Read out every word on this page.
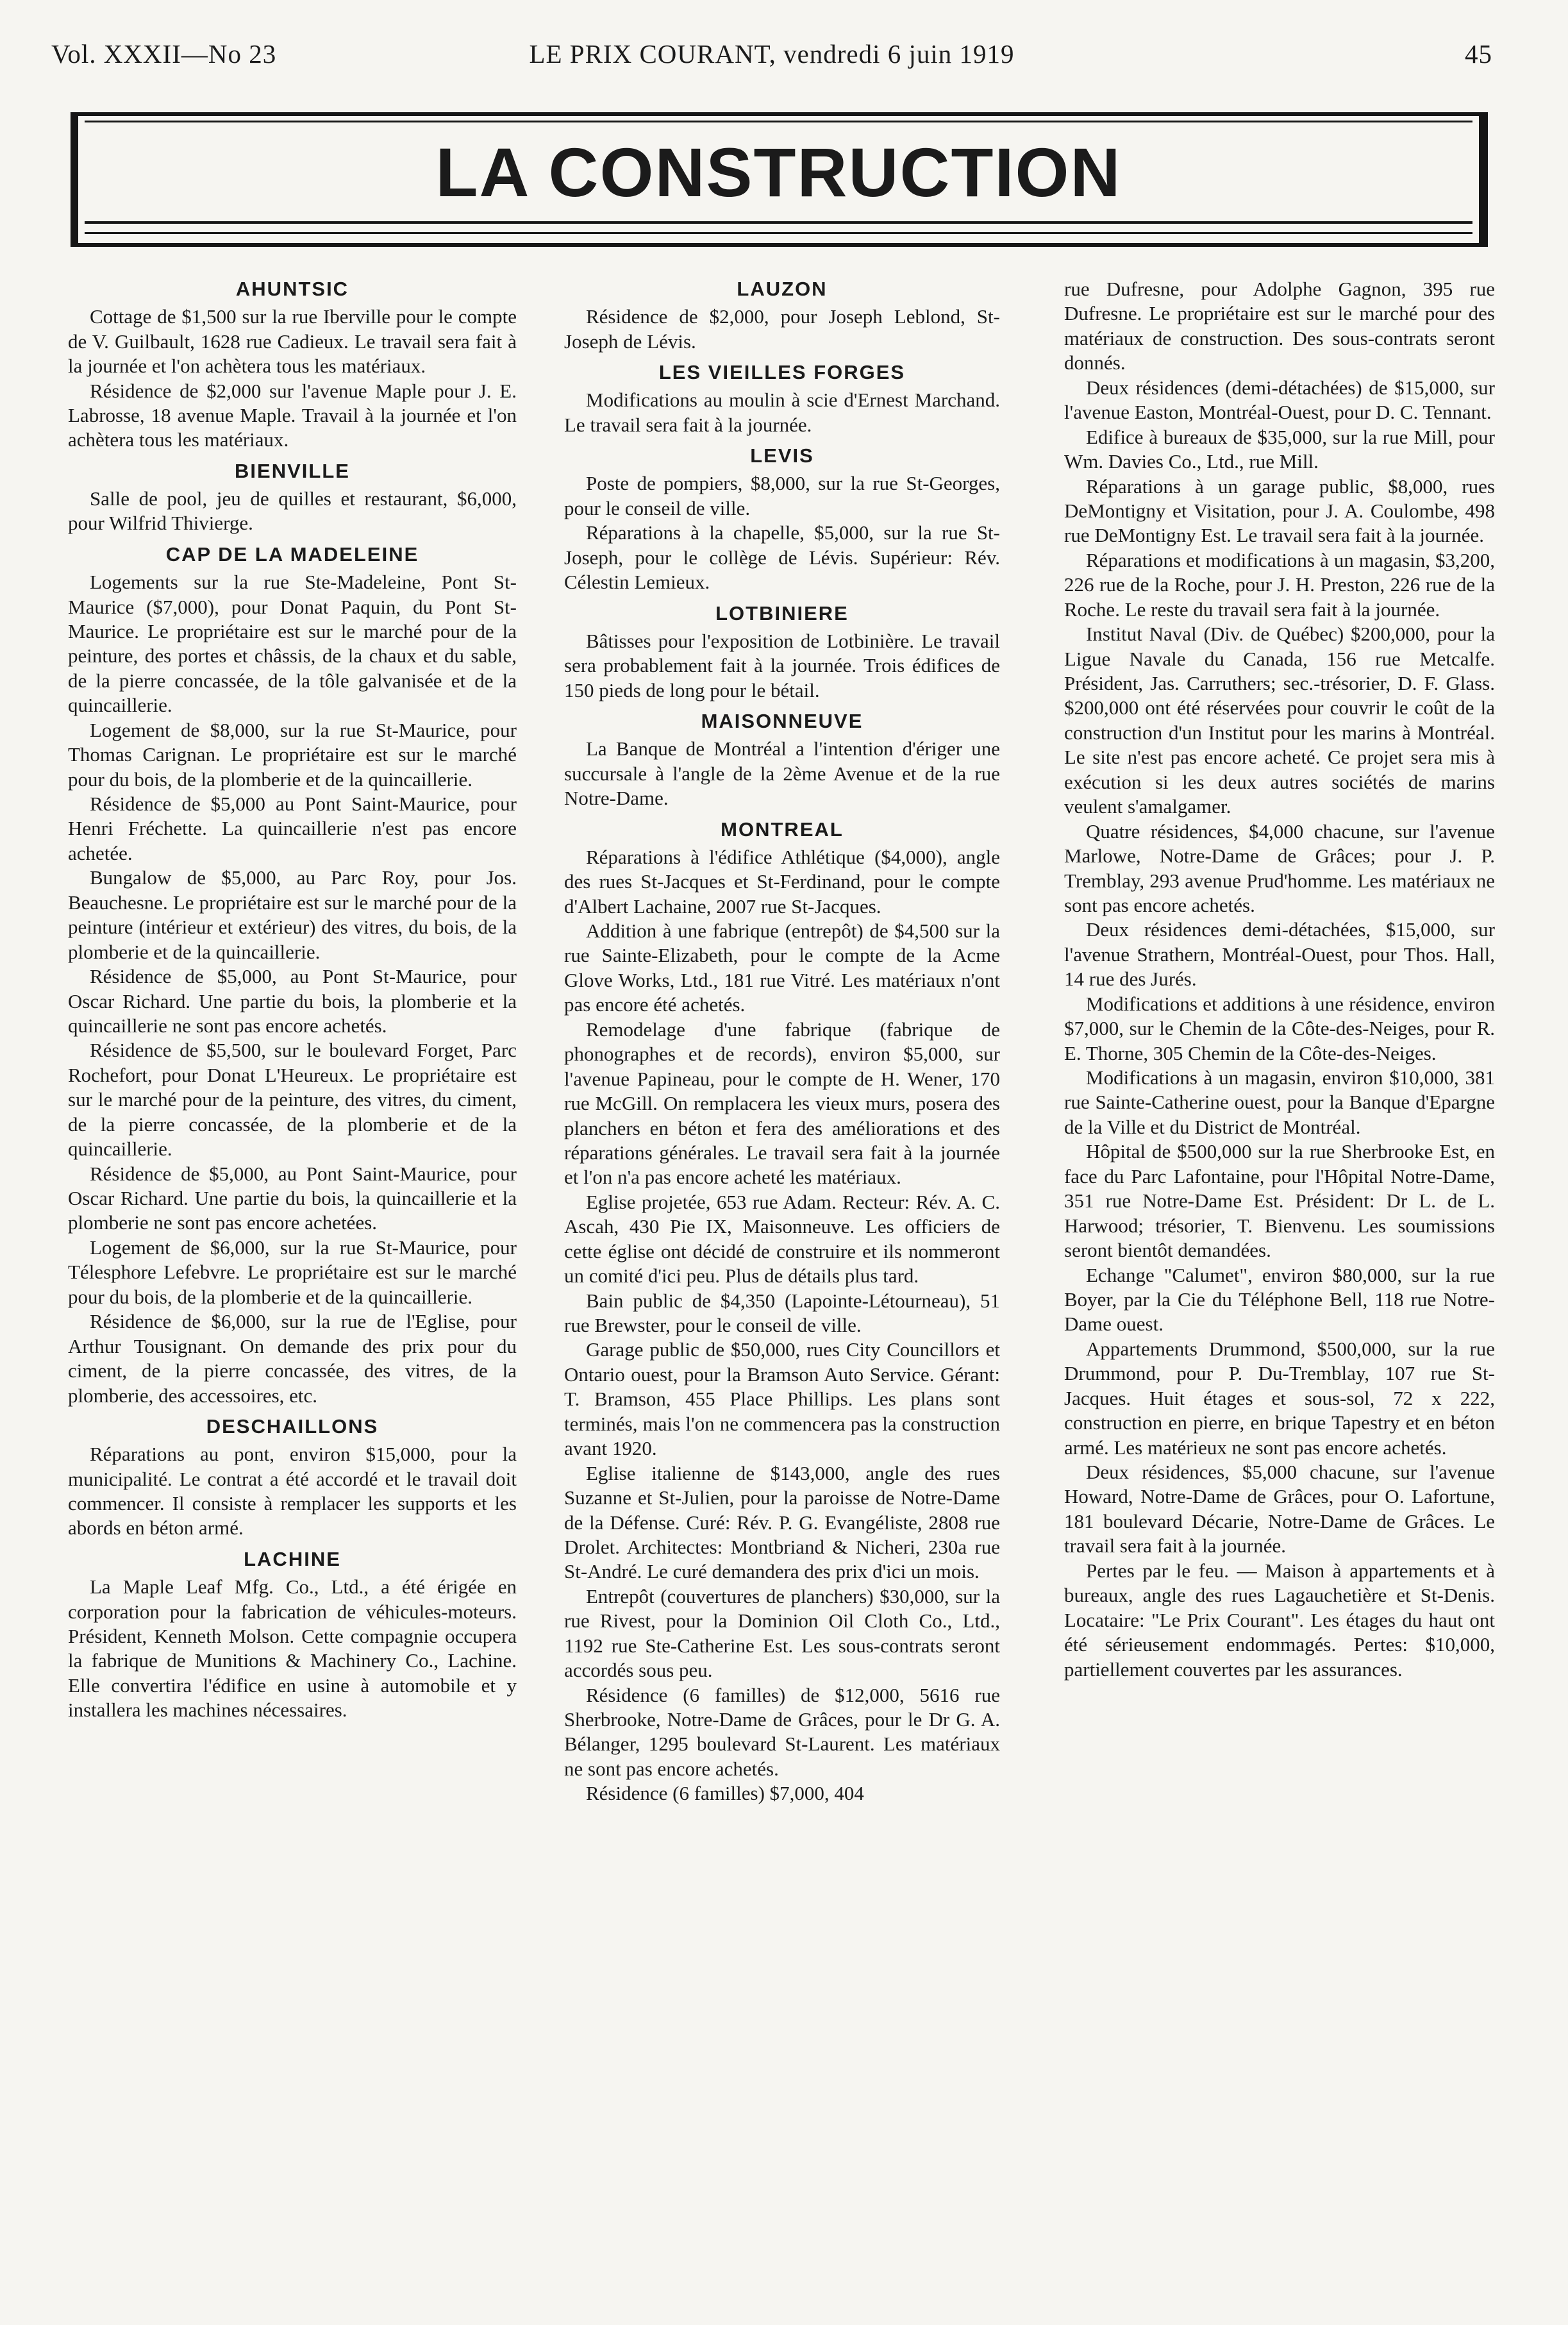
Vol. XXXII—No 23	LE PRIX COURANT, vendredi 6 juin 1919	45
LA CONSTRUCTION
AHUNTSIC

Cottage de $1,500 sur la rue Iberville pour le compte de V. Guilbault, 1628 rue Cadieux. Le travail sera fait à la journée et l'on achètera tous les matériaux.

Résidence de $2,000 sur l'avenue Maple pour J. E. Labrosse, 18 avenue Maple. Travail à la journée et l'on achètera tous les matériaux.

BIENVILLE

Salle de pool, jeu de quilles et restaurant, $6,000, pour Wilfrid Thivierge.

CAP DE LA MADELEINE

Logements sur la rue Ste-Madeleine, Pont St-Maurice ($7,000), pour Donat Paquin, du Pont St-Maurice. Le propriétaire est sur le marché pour de la peinture, des portes et châssis, de la chaux et du sable, de la pierre concassée, de la tôle galvanisée et de la quincaillerie.

Logement de $8,000, sur la rue St-Maurice, pour Thomas Carignan. Le propriétaire est sur le marché pour du bois, de la plomberie et de la quincaillerie.

Résidence de $5,000 au Pont Saint-Maurice, pour Henri Fréchette. La quincaillerie n'est pas encore achetée.

Bungalow de $5,000, au Parc Roy, pour Jos. Beauchesne. Le propriétaire est sur le marché pour de la peinture (intérieur et extérieur) des vitres, du bois, de la plomberie et de la quincaillerie.

Résidence de $5,000, au Pont St-Maurice, pour Oscar Richard. Une partie du bois, la plomberie et la quincaillerie ne sont pas encore achetés.

Résidence de $5,500, sur le boulevard Forget, Parc Rochefort, pour Donat L'Heureux. Le propriétaire est sur le marché pour de la peinture, des vitres, du ciment, de la pierre concassée, de la plomberie et de la quincaillerie.

Résidence de $5,000, au Pont Saint-Maurice, pour Oscar Richard. Une partie du bois, la quincaillerie et la plomberie ne sont pas encore achetées.

Logement de $6,000, sur la rue St-Maurice, pour Télesphore Lefebvre. Le propriétaire est sur le marché pour du bois, de la plomberie et de la quincaillerie.

Résidence de $6,000, sur la rue de l'Eglise, pour Arthur Tousignant. On demande des prix pour du ciment, de la pierre concassée, des vitres, de la plomberie, des accessoires, etc.

DESCHAILLONS

Réparations au pont, environ $15,000, pour la municipalité. Le contrat a été accordé et le travail doit commencer. Il consiste à remplacer les supports et les abords en béton armé.

LACHINE

La Maple Leaf Mfg. Co., Ltd., a été érigée en corporation pour la fabrication de véhicules-moteurs. Président, Kenneth Molson. Cette compagnie occupera la fabrique de Munitions & Machinery Co., Lachine. Elle convertira l'édifice en usine à automobile et y installera les machines nécessaires.

LAUZON

Résidence de $2,000, pour Joseph Leblond, St-Joseph de Lévis.

LES VIEILLES FORGES

Modifications au moulin à scie d'Ernest Marchand. Le travail sera fait à la journée.

LEVIS

Poste de pompiers, $8,000, sur la rue St-Georges, pour le conseil de ville.

Réparations à la chapelle, $5,000, sur la rue St-Joseph, pour le collège de Lévis. Supérieur: Rév. Célestin Lemieux.

LOTBINIERE

Bâtisses pour l'exposition de Lotbinière. Le travail sera probablement fait à la journée. Trois édifices de 150 pieds de long pour le bétail.

MAISONNEUVE

La Banque de Montréal a l'intention d'ériger une succursale à l'angle de la 2ème Avenue et de la rue Notre-Dame.

MONTREAL

Réparations à l'édifice Athlétique ($4,000), angle des rues St-Jacques et St-Ferdinand, pour le compte d'Albert Lachaine, 2007 rue St-Jacques.

Addition à une fabrique (entrepôt) de $4,500 sur la rue Sainte-Elizabeth, pour le compte de la Acme Glove Works, Ltd., 181 rue Vitré. Les matériaux n'ont pas encore été achetés.

Remodelage d'une fabrique (fabrique de phonographes et de records), environ $5,000, sur l'avenue Papineau, pour le compte de H. Wener, 170 rue McGill. On remplacera les vieux murs, posera des planchers en béton et fera des améliorations et des réparations générales. Le travail sera fait à la journée et l'on n'a pas encore acheté les matériaux.

Eglise projetée, 653 rue Adam. Recteur: Rév. A. C. Ascah, 430 Pie IX, Maisonneuve. Les officiers de cette église ont décidé de construire et ils nommeront un comité d'ici peu. Plus de détails plus tard.

Bain public de $4,350 (Lapointe-Létourneau), 51 rue Brewster, pour le conseil de ville.

Garage public de $50,000, rues City Councillors et Ontario ouest, pour la Bramson Auto Service. Gérant: T. Bramson, 455 Place Phillips. Les plans sont terminés, mais l'on ne commencera pas la construction avant 1920.

Eglise italienne de $143,000, angle des rues Suzanne et St-Julien, pour la paroisse de Notre-Dame de la Défense. Curé: Rév. P. G. Evangéliste, 2808 rue Drolet. Architectes: Montbriand & Nicheri, 230a rue St-André. Le curé demandera des prix d'ici un mois.

Entrepôt (couvertures de planchers) $30,000, sur la rue Rivest, pour la Dominion Oil Cloth Co., Ltd., 1192 rue Ste-Catherine Est. Les sous-contrats seront accordés sous peu.

Résidence (6 familles) de $12,000, 5616 rue Sherbrooke, Notre-Dame de Grâces, pour le Dr G. A. Bélanger, 1295 boulevard St-Laurent. Les matériaux ne sont pas encore achetés.

Résidence (6 familles) $7,000, 404

rue Dufresne, pour Adolphe Gagnon, 395 rue Dufresne. Le propriétaire est sur le marché pour des matériaux de construction. Des sous-contrats seront donnés.

Deux résidences (demi-détachées) de $15,000, sur l'avenue Easton, Montréal-Ouest, pour D. C. Tennant.

Edifice à bureaux de $35,000, sur la rue Mill, pour Wm. Davies Co., Ltd., rue Mill.

Réparations à un garage public, $8,000, rues DeMontigny et Visitation, pour J. A. Coulombe, 498 rue DeMontigny Est. Le travail sera fait à la journée.

Réparations et modifications à un magasin, $3,200, 226 rue de la Roche, pour J. H. Preston, 226 rue de la Roche. Le reste du travail sera fait à la journée.

Institut Naval (Div. de Québec) $200,000, pour la Ligue Navale du Canada, 156 rue Metcalfe. Président, Jas. Carruthers; sec.-trésorier, D. F. Glass. $200,000 ont été réservées pour couvrir le coût de la construction d'un Institut pour les marins à Montréal. Le site n'est pas encore acheté. Ce projet sera mis à exécution si les deux autres sociétés de marins veulent s'amalgamer.

Quatre résidences, $4,000 chacune, sur l'avenue Marlowe, Notre-Dame de Grâces; pour J. P. Tremblay, 293 avenue Prud'homme. Les matériaux ne sont pas encore achetés.

Deux résidences demi-détachées, $15,000, sur l'avenue Strathern, Montréal-Ouest, pour Thos. Hall, 14 rue des Jurés.

Modifications et additions à une résidence, environ $7,000, sur le Chemin de la Côte-des-Neiges, pour R. E. Thorne, 305 Chemin de la Côte-des-Neiges.

Modifications à un magasin, environ $10,000, 381 rue Sainte-Catherine ouest, pour la Banque d'Epargne de la Ville et du District de Montréal.

Hôpital de $500,000 sur la rue Sherbrooke Est, en face du Parc Lafontaine, pour l'Hôpital Notre-Dame, 351 rue Notre-Dame Est. Président: Dr L. de L. Harwood; trésorier, T. Bienvenu. Les soumissions seront bientôt demandées.

Echange "Calumet", environ $80,000, sur la rue Boyer, par la Cie du Téléphone Bell, 118 rue Notre-Dame ouest.

Appartements Drummond, $500,000, sur la rue Drummond, pour P. Du-Tremblay, 107 rue St-Jacques. Huit étages et sous-sol, 72 x 222, construction en pierre, en brique Tapestry et en béton armé. Les matérieux ne sont pas encore achetés.

Deux résidences, $5,000 chacune, sur l'avenue Howard, Notre-Dame de Grâces, pour O. Lafortune, 181 boulevard Décarie, Notre-Dame de Grâces. Le travail sera fait à la journée.

Pertes par le feu. — Maison à appartements et à bureaux, angle des rues Lagauchetière et St-Denis. Locataire: "Le Prix Courant". Les étages du haut ont été sérieusement endommagés. Pertes: $10,000, partiellement couvertes par les assurances.
